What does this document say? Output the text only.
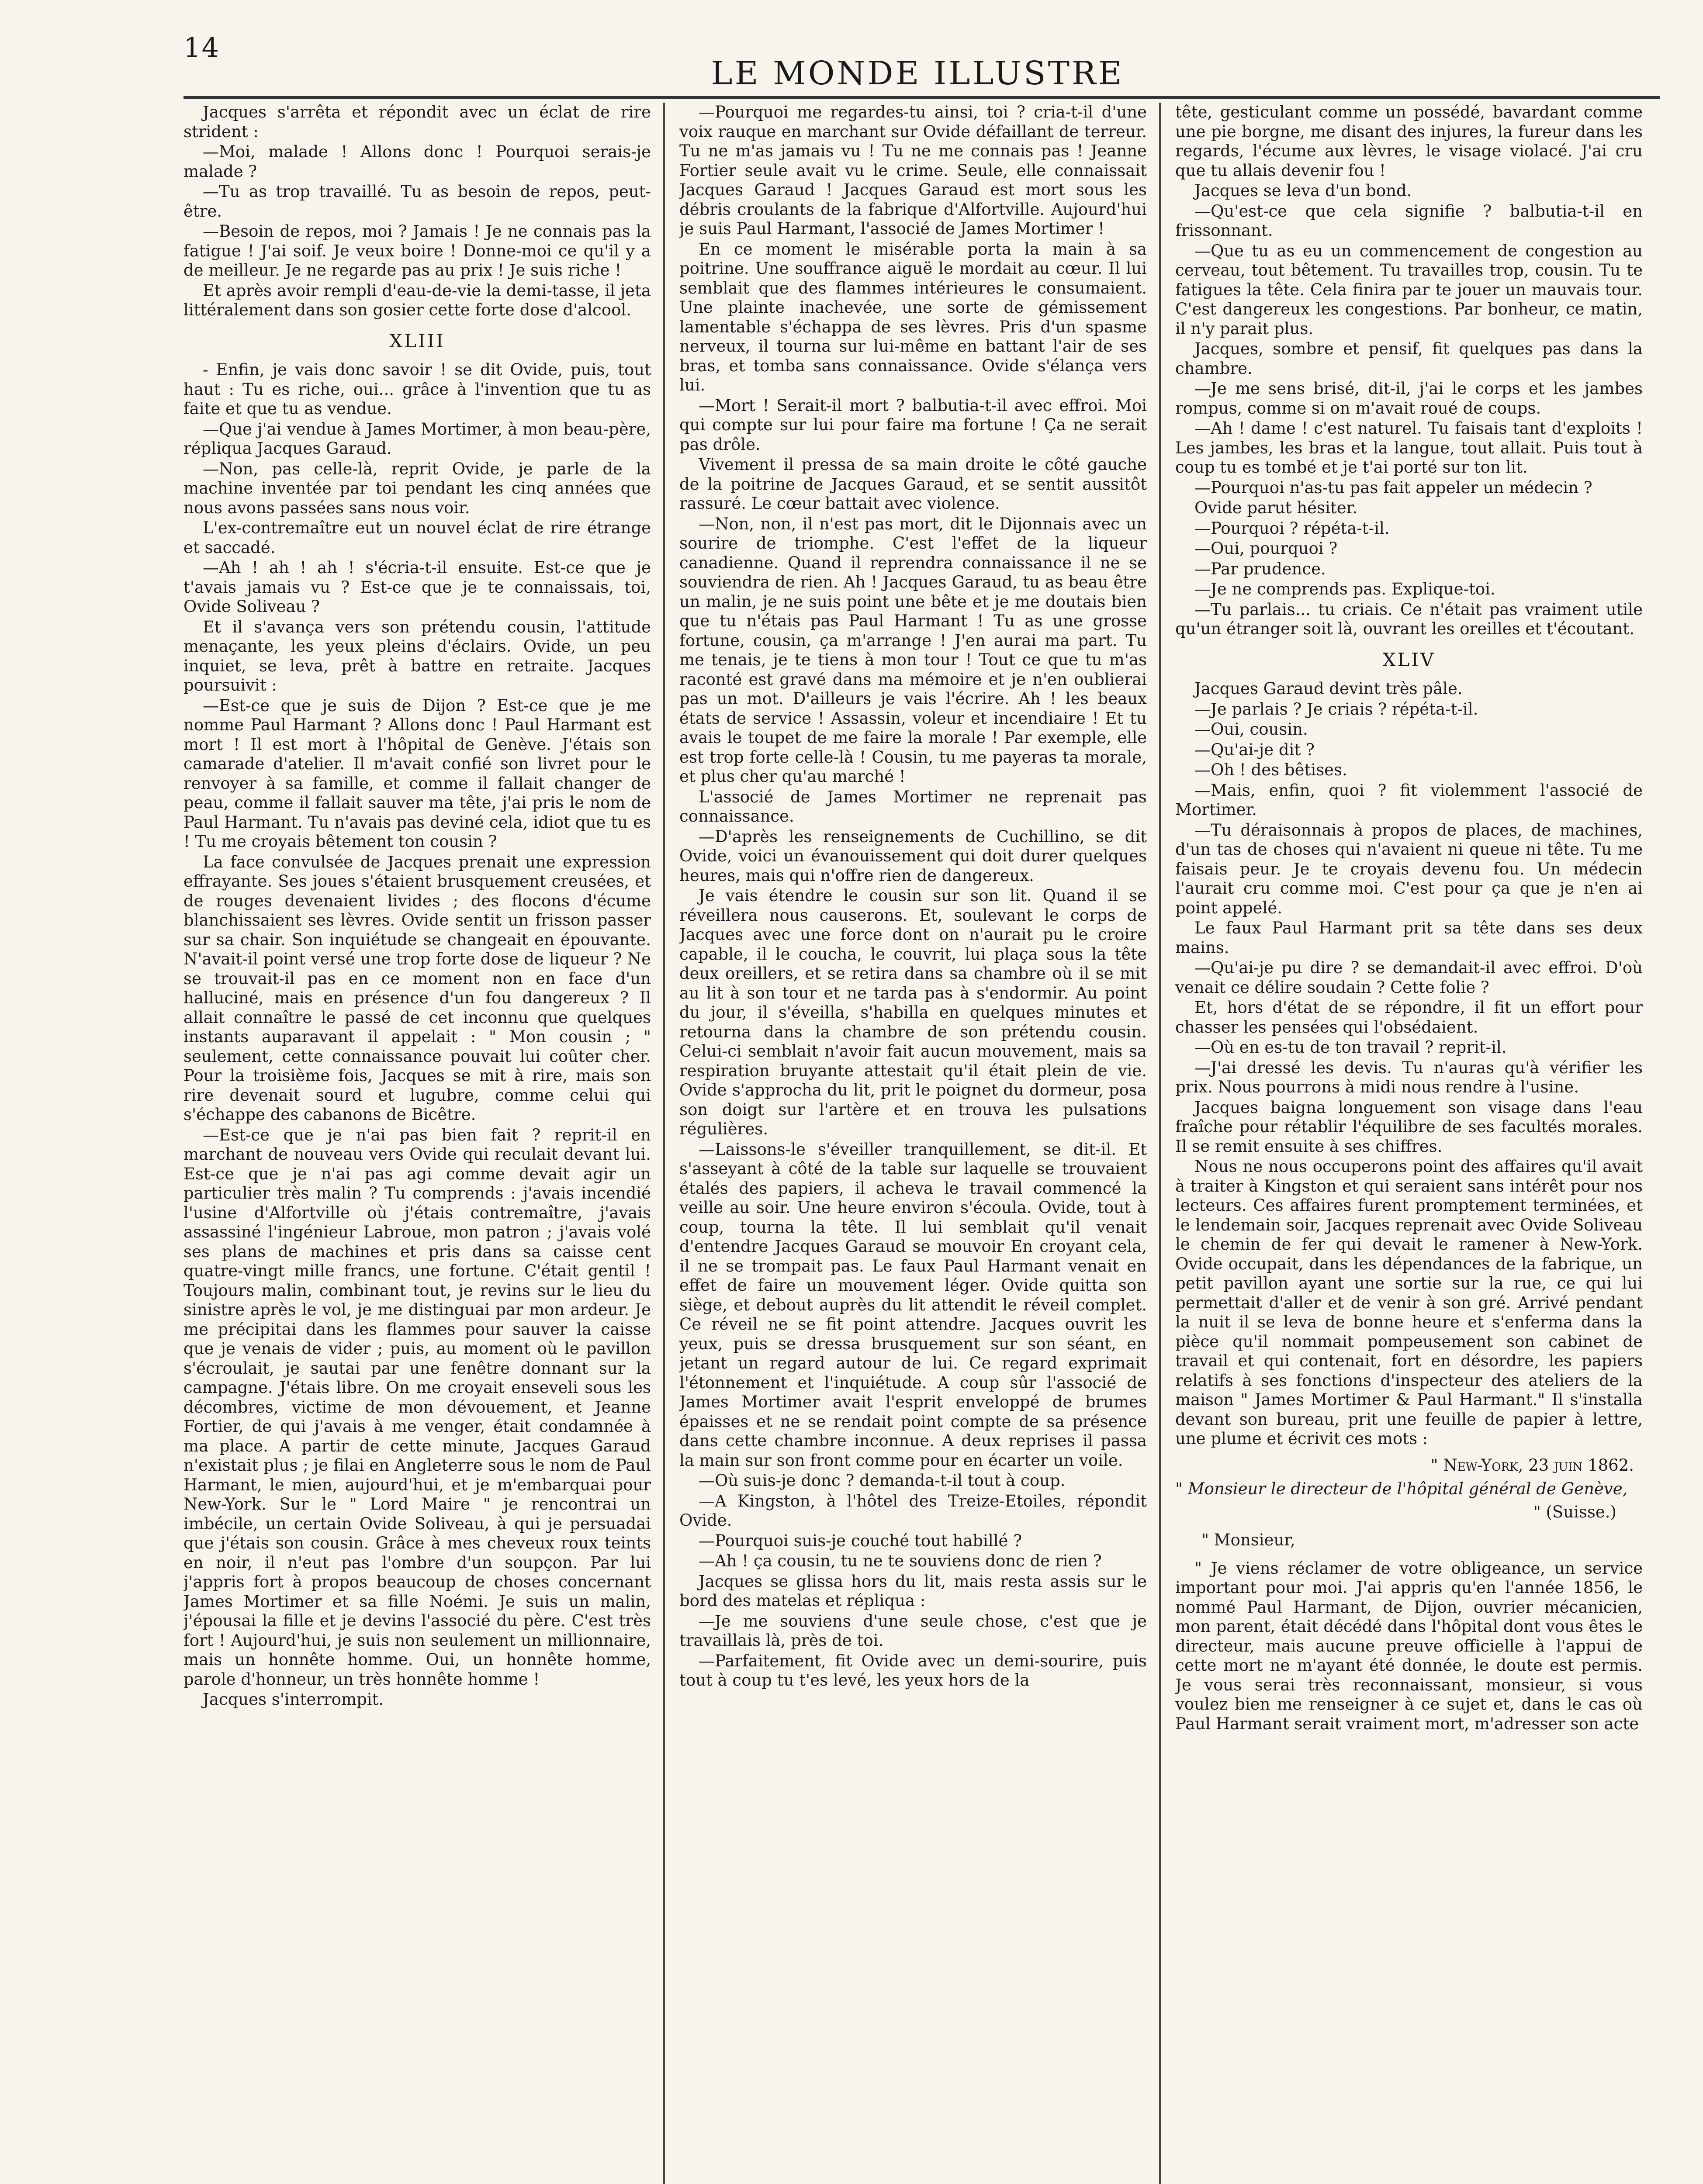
14
LE MONDE ILLUSTRE

Jacques s'arrêta et répondit avec un éclat de rire strident :

—Moi, malade ! Allons donc ! Pourquoi serais-je malade ?

—Tu as trop travaillé. Tu as besoin de repos, peut-être.

—Besoin de repos, moi ? Jamais ! Je ne connais pas la fatigue ! J'ai soif. Je veux boire ! Donne-moi ce qu'il y a de meilleur. Je ne regarde pas au prix ! Je suis riche !

Et après avoir rempli d'eau-de-vie la demi-tasse, il jeta littéralement dans son gosier cette forte dose d'alcool.

XLIII

- Enfin, je vais donc savoir ! se dit Ovide, puis, tout haut : Tu es riche, oui... grâce à l'invention que tu as faite et que tu as vendue.

—Que j'ai vendue à James Mortimer, à mon beau-père, répliqua Jacques Garaud.

—Non, pas celle-là, reprit Ovide, je parle de la machine inventée par toi pendant les cinq années que nous avons passées sans nous voir.

L'ex-contremaître eut un nouvel éclat de rire étrange et saccadé.

—Ah ! ah ! ah ! s'écria-t-il ensuite. Est-ce que je t'avais jamais vu ? Est-ce que je te connaissais, toi, Ovide Soliveau ?

Et il s'avança vers son prétendu cousin, l'attitude menaçante, les yeux pleins d'éclairs. Ovide, un peu inquiet, se leva, prêt à battre en retraite. Jacques poursuivit :

—Est-ce que je suis de Dijon ? Est-ce que je me nomme Paul Harmant ? Allons donc ! Paul Harmant est mort ! Il est mort à l'hôpital de Genève. J'étais son camarade d'atelier. Il m'avait confié son livret pour le renvoyer à sa famille, et comme il fallait changer de peau, comme il fallait sauver ma tête, j'ai pris le nom de Paul Harmant. Tu n'avais pas deviné cela, idiot que tu es ! Tu me croyais bêtement ton cousin ?

La face convulsée de Jacques prenait une expression effrayante. Ses joues s'étaient brusquement creusées, et de rouges devenaient livides ; des flocons d'écume blanchissaient ses lèvres. Ovide sentit un frisson passer sur sa chair. Son inquiétude se changeait en épouvante. N'avait-il point versé une trop forte dose de liqueur ? Ne se trouvait-il pas en ce moment non en face d'un halluciné, mais en présence d'un fou dangereux ? Il allait connaître le passé de cet inconnu que quelques instants auparavant il appelait : " Mon cousin ; " seulement, cette connaissance pouvait lui coûter cher. Pour la troisième fois, Jacques se mit à rire, mais son rire devenait sourd et lugubre, comme celui qui s'échappe des cabanons de Bicêtre.

—Est-ce que je n'ai pas bien fait ? reprit-il en marchant de nouveau vers Ovide qui reculait devant lui. Est-ce que je n'ai pas agi comme devait agir un particulier très malin ? Tu comprends : j'avais incendié l'usine d'Alfortville où j'étais contremaître, j'avais assassiné l'ingénieur Labroue, mon patron ; j'avais volé ses plans de machines et pris dans sa caisse cent quatre-vingt mille francs, une fortune. C'était gentil ! Toujours malin, combinant tout, je revins sur le lieu du sinistre après le vol, je me distinguai par mon ardeur. Je me précipitai dans les flammes pour sauver la caisse que je venais de vider ; puis, au moment où le pavillon s'écroulait, je sautai par une fenêtre donnant sur la campagne. J'étais libre. On me croyait enseveli sous les décombres, victime de mon dévouement, et Jeanne Fortier, de qui j'avais à me venger, était condamnée à ma place. A partir de cette minute, Jacques Garaud n'existait plus ; je filai en Angleterre sous le nom de Paul Harmant, le mien, aujourd'hui, et je m'embarquai pour New-York. Sur le " Lord Maire " je rencontrai un imbécile, un certain Ovide Soliveau, à qui je persuadai que j'étais son cousin. Grâce à mes cheveux roux teints en noir, il n'eut pas l'ombre d'un soupçon. Par lui j'appris fort à propos beaucoup de choses concernant James Mortimer et sa fille Noémi. Je suis un malin, j'épousai la fille et je devins l'associé du père. C'est très fort ! Aujourd'hui, je suis non seulement un millionnaire, mais un honnête homme. Oui, un honnête homme, parole d'honneur, un très honnête homme !

Jacques s'interrompit.

—Pourquoi me regardes-tu ainsi, toi ? cria-t-il d'une voix rauque en marchant sur Ovide défaillant de terreur. Tu ne m'as jamais vu ! Tu ne me connais pas ! Jeanne Fortier seule avait vu le crime. Seule, elle connaissait Jacques Garaud ! Jacques Garaud est mort sous les débris croulants de la fabrique d'Alfortville. Aujourd'hui je suis Paul Harmant, l'associé de James Mortimer !

En ce moment le misérable porta la main à sa poitrine. Une souffrance aiguë le mordait au cœur. Il lui semblait que des flammes intérieures le consumaient. Une plainte inachevée, une sorte de gémissement lamentable s'échappa de ses lèvres. Pris d'un spasme nerveux, il tourna sur lui-même en battant l'air de ses bras, et tomba sans connaissance. Ovide s'élança vers lui.

—Mort ! Serait-il mort ? balbutia-t-il avec effroi. Moi qui compte sur lui pour faire ma fortune ! Ça ne serait pas drôle.

Vivement il pressa de sa main droite le côté gauche de la poitrine de Jacques Garaud, et se sentit aussitôt rassuré. Le cœur battait avec violence.

—Non, non, il n'est pas mort, dit le Dijonnais avec un sourire de triomphe. C'est l'effet de la liqueur canadienne. Quand il reprendra connaissance il ne se souviendra de rien. Ah ! Jacques Garaud, tu as beau être un malin, je ne suis point une bête et je me doutais bien que tu n'étais pas Paul Harmant ! Tu as une grosse fortune, cousin, ça m'arrange ! J'en aurai ma part. Tu me tenais, je te tiens à mon tour ! Tout ce que tu m'as raconté est gravé dans ma mémoire et je n'en oublierai pas un mot. D'ailleurs je vais l'écrire. Ah ! les beaux états de service ! Assassin, voleur et incendiaire ! Et tu avais le toupet de me faire la morale ! Par exemple, elle est trop forte celle-là ! Cousin, tu me payeras ta morale, et plus cher qu'au marché !

L'associé de James Mortimer ne reprenait pas connaissance.

—D'après les renseignements de Cuchillino, se dit Ovide, voici un évanouissement qui doit durer quelques heures, mais qui n'offre rien de dangereux.

Je vais étendre le cousin sur son lit. Quand il se réveillera nous causerons. Et, soulevant le corps de Jacques avec une force dont on n'aurait pu le croire capable, il le coucha, le couvrit, lui plaça sous la tête deux oreillers, et se retira dans sa chambre où il se mit au lit à son tour et ne tarda pas à s'endormir. Au point du jour, il s'éveilla, s'habilla en quelques minutes et retourna dans la chambre de son prétendu cousin. Celui-ci semblait n'avoir fait aucun mouvement, mais sa respiration bruyante attestait qu'il était plein de vie. Ovide s'approcha du lit, prit le poignet du dormeur, posa son doigt sur l'artère et en trouva les pulsations régulières.

—Laissons-le s'éveiller tranquillement, se dit-il. Et s'asseyant à côté de la table sur laquelle se trouvaient étalés des papiers, il acheva le travail commencé la veille au soir. Une heure environ s'écoula. Ovide, tout à coup, tourna la tête. Il lui semblait qu'il venait d'entendre Jacques Garaud se mouvoir En croyant cela, il ne se trompait pas. Le faux Paul Harmant venait en effet de faire un mouvement léger. Ovide quitta son siège, et debout auprès du lit attendit le réveil complet. Ce réveil ne se fit point attendre. Jacques ouvrit les yeux, puis se dressa brusquement sur son séant, en jetant un regard autour de lui. Ce regard exprimait l'étonnement et l'inquiétude. A coup sûr l'associé de James Mortimer avait l'esprit enveloppé de brumes épaisses et ne se rendait point compte de sa présence dans cette chambre inconnue. A deux reprises il passa la main sur son front comme pour en écarter un voile.

—Où suis-je donc ? demanda-t-il tout à coup.

—A Kingston, à l'hôtel des Treize-Etoiles, répondit Ovide.

—Pourquoi suis-je couché tout habillé ?

—Ah ! ça cousin, tu ne te souviens donc de rien ?

Jacques se glissa hors du lit, mais resta assis sur le bord des matelas et répliqua :

—Je me souviens d'une seule chose, c'est que je travaillais là, près de toi.

—Parfaitement, fit Ovide avec un demi-sourire, puis tout à coup tu t'es levé, les yeux hors de la

tête, gesticulant comme un possédé, bavardant comme une pie borgne, me disant des injures, la fureur dans les regards, l'écume aux lèvres, le visage violacé. J'ai cru que tu allais devenir fou !

Jacques se leva d'un bond.

—Qu'est-ce que cela signifie ? balbutia-t-il en frissonnant.

—Que tu as eu un commencement de congestion au cerveau, tout bêtement. Tu travailles trop, cousin. Tu te fatigues la tête. Cela finira par te jouer un mauvais tour. C'est dangereux les congestions. Par bonheur, ce matin, il n'y parait plus.

Jacques, sombre et pensif, fit quelques pas dans la chambre.

—Je me sens brisé, dit-il, j'ai le corps et les jambes rompus, comme si on m'avait roué de coups.

—Ah ! dame ! c'est naturel. Tu faisais tant d'exploits ! Les jambes, les bras et la langue, tout allait. Puis tout à coup tu es tombé et je t'ai porté sur ton lit.

—Pourquoi n'as-tu pas fait appeler un médecin ?

Ovide parut hésiter.

—Pourquoi ? répéta-t-il.

—Oui, pourquoi ?

—Par prudence.

—Je ne comprends pas. Explique-toi.

—Tu parlais... tu criais. Ce n'était pas vraiment utile qu'un étranger soit là, ouvrant les oreilles et t'écoutant.

XLIV

Jacques Garaud devint très pâle.

—Je parlais ? Je criais ? répéta-t-il.

—Oui, cousin.

—Qu'ai-je dit ?

—Oh ! des bêtises.

—Mais, enfin, quoi ? fit violemment l'associé de Mortimer.

—Tu déraisonnais à propos de places, de machines, d'un tas de choses qui n'avaient ni queue ni tête. Tu me faisais peur. Je te croyais devenu fou. Un médecin l'aurait cru comme moi. C'est pour ça que je n'en ai point appelé.

Le faux Paul Harmant prit sa tête dans ses deux mains.

—Qu'ai-je pu dire ? se demandait-il avec effroi. D'où venait ce délire soudain ? Cette folie ?

Et, hors d'état de se répondre, il fit un effort pour chasser les pensées qui l'obsédaient.

—Où en es-tu de ton travail ? reprit-il.

—J'ai dressé les devis. Tu n'auras qu'à vérifier les prix. Nous pourrons à midi nous rendre à l'usine.

Jacques baigna longuement son visage dans l'eau fraîche pour rétablir l'équilibre de ses facultés morales. Il se remit ensuite à ses chiffres.

Nous ne nous occuperons point des affaires qu'il avait à traiter à Kingston et qui seraient sans intérêt pour nos lecteurs. Ces affaires furent promptement terminées, et le lendemain soir, Jacques reprenait avec Ovide Soliveau le chemin de fer qui devait le ramener à New-York. Ovide occupait, dans les dépendances de la fabrique, un petit pavillon ayant une sortie sur la rue, ce qui lui permettait d'aller et de venir à son gré. Arrivé pendant la nuit il se leva de bonne heure et s'enferma dans la pièce qu'il nommait pompeusement son cabinet de travail et qui contenait, fort en désordre, les papiers relatifs à ses fonctions d'inspecteur des ateliers de la maison " James Mortimer & Paul Harmant." Il s'installa devant son bureau, prit une feuille de papier à lettre, une plume et écrivit ces mots :

" New-York, 23 juin 1862.
" Monsieur le directeur de l'hôpital général de Genève,
" (Suisse.)
" Monsieur,

" Je viens réclamer de votre obligeance, un service important pour moi. J'ai appris qu'en l'année 1856, le nommé Paul Harmant, de Dijon, ouvrier mécanicien, mon parent, était décédé dans l'hôpital dont vous êtes le directeur, mais aucune preuve officielle à l'appui de cette mort ne m'ayant été donnée, le doute est permis. Je vous serai très reconnaissant, monsieur, si vous voulez bien me renseigner à ce sujet et, dans le cas où Paul Harmant serait vraiment mort, m'adresser son acte
